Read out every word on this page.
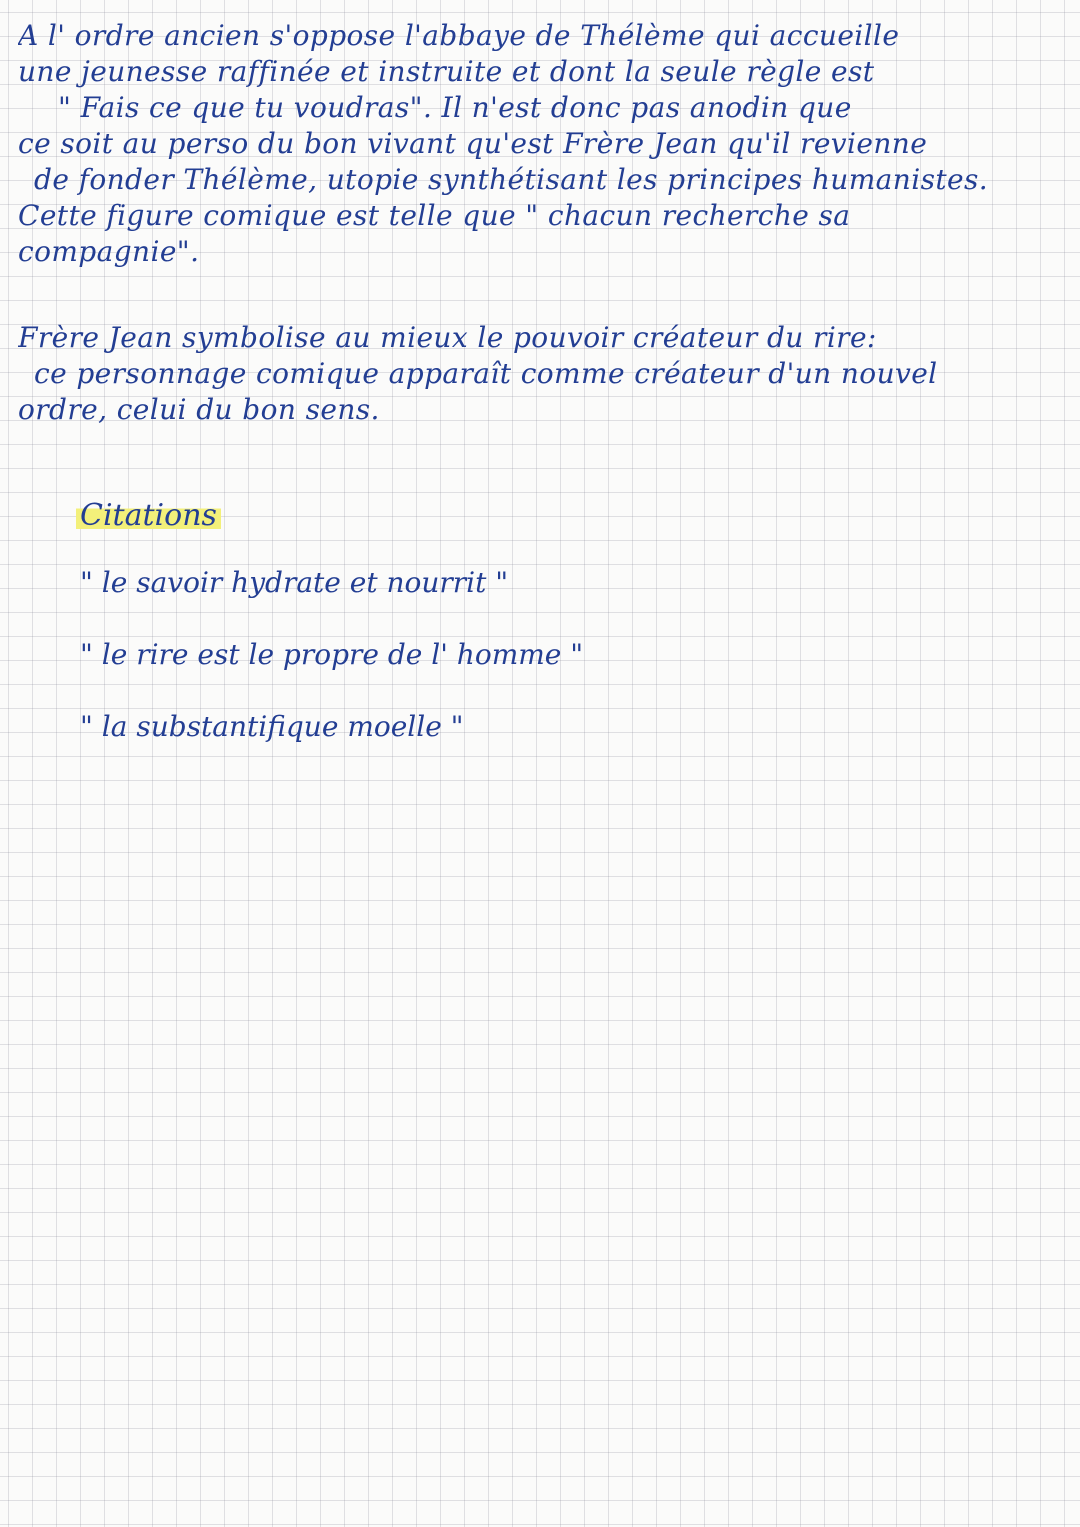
A l' ordre ancien s'oppose l'abbaye de Thélème qui accueille
une jeunesse raffinée et instruite et dont la seule règle est
" Fais ce que tu voudras". Il n'est donc pas anodin que
ce soit au perso du bon vivant qu'est Frère Jean qu'il revienne
de fonder Thélème, utopie synthétisant les principes humanistes.
Cette figure comique est telle que " chacun recherche sa
compagnie".
Frère Jean symbolise au mieux le pouvoir créateur du rire:
ce personnage comique apparaît comme créateur d'un nouvel
ordre, celui du bon sens.
Citations
" le savoir hydrate et nourrit "
" le rire est le propre de l' homme "
" la substantifique moelle "
